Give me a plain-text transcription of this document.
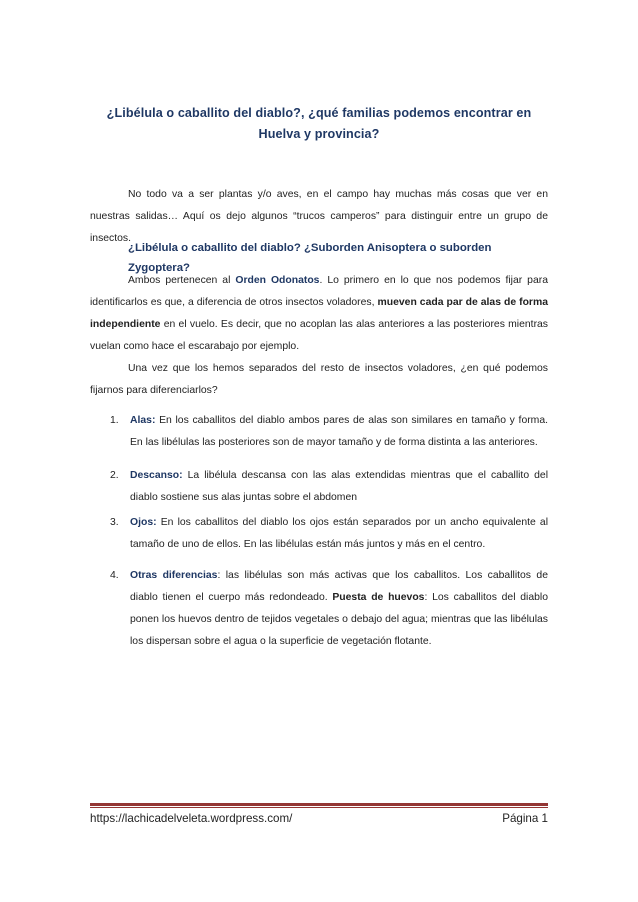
¿Libélula o caballito del diablo?, ¿qué familias podemos encontrar en Huelva y provincia?

No todo va a ser plantas y/o aves, en el campo hay muchas más cosas que ver en nuestras salidas… Aquí os dejo algunos “trucos camperos” para distinguir entre un grupo de insectos.

¿Libélula o caballito del diablo? ¿Suborden Anisoptera o suborden Zygoptera?

Ambos pertenecen al Orden Odonatos. Lo primero en lo que nos podemos fijar para identificarlos es que, a diferencia de otros insectos voladores, mueven cada par de alas de forma independiente en el vuelo. Es decir, que no acoplan las alas anteriores a las posteriores mientras vuelan como hace el escarabajo por ejemplo.

Una vez que los hemos separados del resto de insectos voladores, ¿en qué podemos fijarnos para diferenciarlos?

1. Alas: En los caballitos del diablo ambos pares de alas son similares en tamaño y forma. En las libélulas las posteriores son de mayor tamaño y de forma distinta a las anteriores.
2. Descanso: La libélula descansa con las alas extendidas mientras que el caballito del diablo sostiene sus alas juntas sobre el abdomen
3. Ojos: En los caballitos del diablo los ojos están separados por un ancho equivalente al tamaño de uno de ellos. En las libélulas están más juntos y más en el centro.
4. Otras diferencias: las libélulas son más activas que los caballitos. Los caballitos de diablo tienen el cuerpo más redondeado. Puesta de huevos: Los caballitos del diablo ponen los huevos dentro de tejidos vegetales o debajo del agua; mientras que las libélulas los dispersan sobre el agua o la superficie de vegetación flotante.
https://lachicadelveleta.wordpress.com/	Página 1
